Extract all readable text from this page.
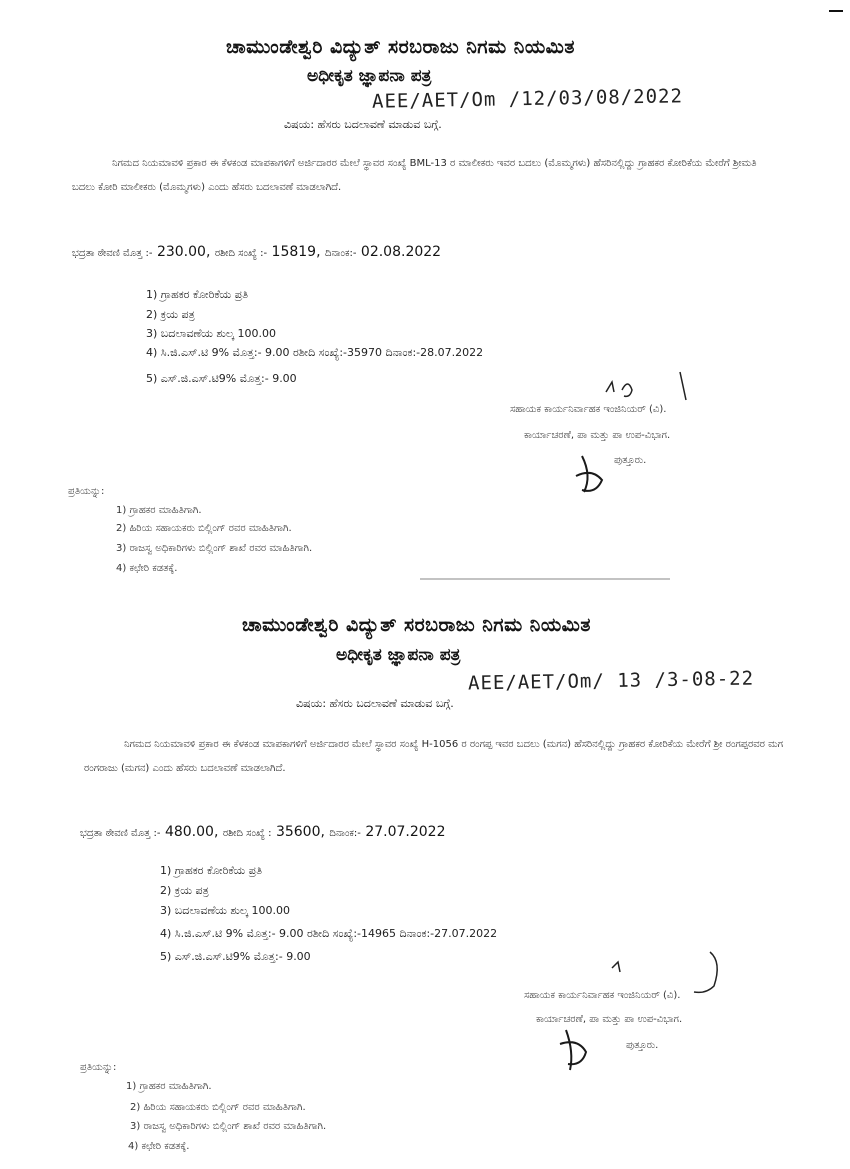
ಚಾಮುಂಡೇಶ್ವರಿ ವಿದ್ಯುತ್ ಸರಬರಾಜು ನಿಗಮ ನಿಯಮಿತ
ಅಧೀಕೃತ ಜ್ಞಾಪನಾ ಪತ್ರ
AEE/AET/Om /12/03/08/2022
ವಿಷಯ: ಹೆಸರು ಬದಲಾವಣೆ ಮಾಡುವ ಬಗ್ಗೆ.
ನಿಗಮದ ನಿಯಮಾವಳಿ ಪ್ರಕಾರ ಈ ಕೆಳಕಂಡ ಮಾಪಕಾಗಳಿಗೆ ಅರ್ಜಿದಾರರ ಮೇಲೆ ಸ್ಥಾವರ ಸಂಖ್ಯೆ BML-13 ರ ಮಾಲೀಕರು ಇವರ ಬದಲು (ಮೊಮ್ಮಗಳು) ಹೆಸರಿನಲ್ಲಿದ್ದು ಗ್ರಾಹಕರ ಕೋರಿಕೆಯ ಮೇರೆಗೆ ಶ್ರೀಮತಿ ಬದಲು ಕೋರಿ ಮಾಲೀಕರು (ಮೊಮ್ಮಗಳು) ಎಂದು ಹೆಸರು ಬದಲಾವಣೆ ಮಾಡಲಾಗಿದೆ.
ಭದ್ರತಾ ಠೇವಣಿ ಮೊತ್ತ :- 230.00, ರಶೀದಿ ಸಂಖ್ಯೆ :- 15819, ದಿನಾಂಕ:- 02.08.2022
1) ಗ್ರಾಹಕರ ಕೋರಿಕೆಯ ಪ್ರತಿ
2) ಕ್ರಯ ಪತ್ರ
3) ಬದಲಾವಣೆಯ ಶುಲ್ಕ 100.00
4) ಸಿ.ಜಿ.ಎಸ್.ಟಿ 9% ಮೊತ್ತ:- 9.00 ರಶೀದಿ ಸಂಖ್ಯೆ:-35970 ದಿನಾಂಕ:-28.07.2022
5) ಎಸ್.ಜಿ.ಎಸ್.ಟಿ9% ಮೊತ್ತ:- 9.00
ಸಹಾಯಕ ಕಾರ್ಯನಿರ್ವಾಹಕ ಇಂಜಿನಿಯರ್ (ವಿ).
ಕಾರ್ಯಾಚರಣೆ, ಪಾ ಮತ್ತು ಪಾ ಉಪ-ವಿಭಾಗ.
ಪುತ್ತೂರು.
ಪ್ರತಿಯನ್ನು:
1) ಗ್ರಾಹಕರ ಮಾಹಿತಿಗಾಗಿ.
2) ಹಿರಿಯ ಸಹಾಯಕರು ಬಿಲ್ಲಿಂಗ್ ರವರ ಮಾಹಿತಿಗಾಗಿ.
3) ರಾಜಸ್ವ ಅಧಿಕಾರಿಗಳು ಬಿಲ್ಲಿಂಗ್ ಶಾಖೆ ರವರ ಮಾಹಿತಿಗಾಗಿ.
4) ಕಛೇರಿ ಕಡತಕ್ಕೆ.
ಚಾಮುಂಡೇಶ್ವರಿ ವಿದ್ಯುತ್ ಸರಬರಾಜು ನಿಗಮ ನಿಯಮಿತ
ಅಧೀಕೃತ ಜ್ಞಾಪನಾ ಪತ್ರ
AEE/AET/Om/ 13 /3-08-22
ವಿಷಯ: ಹೆಸರು ಬದಲಾವಣೆ ಮಾಡುವ ಬಗ್ಗೆ.
ನಿಗಮದ ನಿಯಮಾವಳಿ ಪ್ರಕಾರ ಈ ಕೆಳಕಂಡ ಮಾಪಕಾಗಳಿಗೆ ಅರ್ಜಿದಾರರ ಮೇಲೆ ಸ್ಥಾವರ ಸಂಖ್ಯೆ H-1056 ರ ರಂಗಪ್ಪ ಇವರ ಬದಲು (ಮಗನ) ಹೆಸರಿನಲ್ಲಿದ್ದು ಗ್ರಾಹಕರ ಕೋರಿಕೆಯ ಮೇರೆಗೆ ಶ್ರೀ ರಂಗಪ್ಪರವರ ಮಗ ರಂಗರಾಜು (ಮಗನ) ಎಂದು ಹೆಸರು ಬದಲಾವಣೆ ಮಾಡಲಾಗಿದೆ.
ಭದ್ರತಾ ಠೇವಣಿ ಮೊತ್ತ :- 480.00, ರಶೀದಿ ಸಂಖ್ಯೆ : 35600, ದಿನಾಂಕ:- 27.07.2022
1) ಗ್ರಾಹಕರ ಕೋರಿಕೆಯ ಪ್ರತಿ
2) ಕ್ರಯ ಪತ್ರ
3) ಬದಲಾವಣೆಯ ಶುಲ್ಕ 100.00
4) ಸಿ.ಜಿ.ಎಸ್.ಟಿ 9% ಮೊತ್ತ:- 9.00 ರಶೀದಿ ಸಂಖ್ಯೆ:-14965 ದಿನಾಂಕ:-27.07.2022
5) ಎಸ್.ಜಿ.ಎಸ್.ಟಿ9% ಮೊತ್ತ:- 9.00
ಸಹಾಯಕ ಕಾರ್ಯನಿರ್ವಾಹಕ ಇಂಜಿನಿಯರ್ (ವಿ).
ಕಾರ್ಯಾಚರಣೆ, ಪಾ ಮತ್ತು ಪಾ ಉಪ-ವಿಭಾಗ.
ಪುತ್ತೂರು.
ಪ್ರತಿಯನ್ನು:
1) ಗ್ರಾಹಕರ ಮಾಹಿತಿಗಾಗಿ.
2) ಹಿರಿಯ ಸಹಾಯಕರು ಬಿಲ್ಲಿಂಗ್ ರವರ ಮಾಹಿತಿಗಾಗಿ.
3) ರಾಜಸ್ವ ಅಧಿಕಾರಿಗಳು ಬಿಲ್ಲಿಂಗ್ ಶಾಖೆ ರವರ ಮಾಹಿತಿಗಾಗಿ.
4) ಕಛೇರಿ ಕಡತಕ್ಕೆ.
